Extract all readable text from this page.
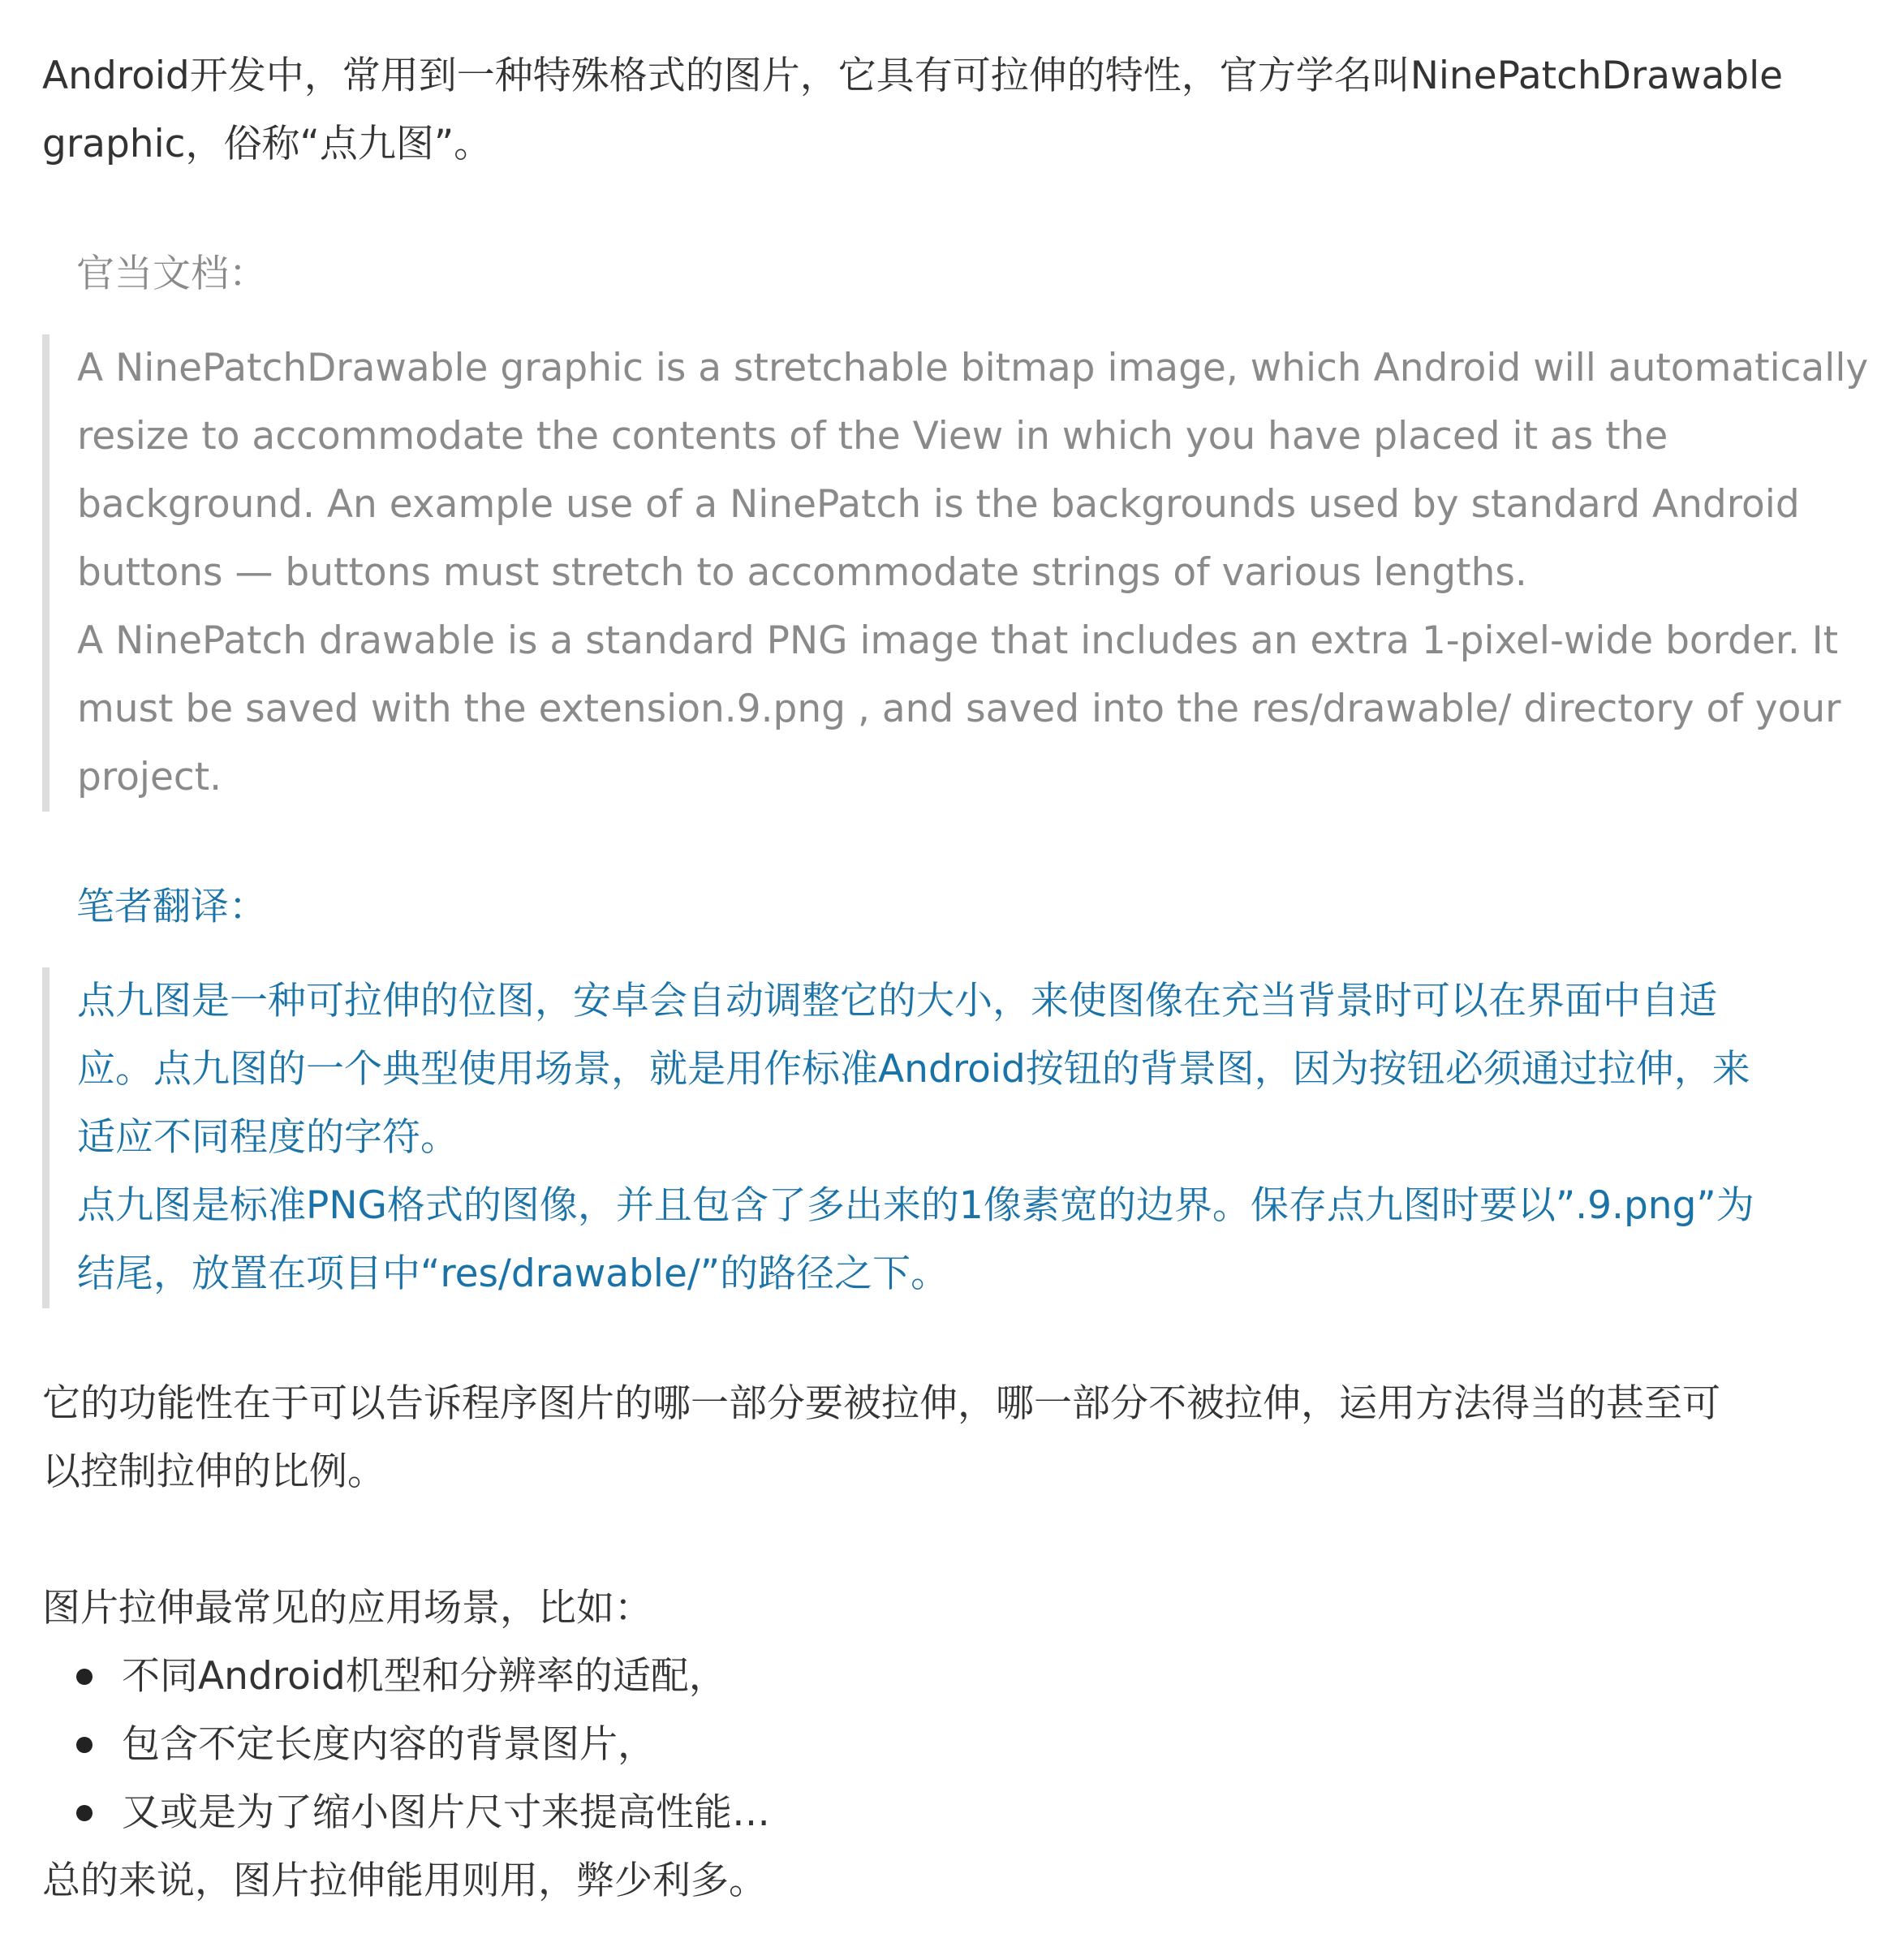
Android开发中，常用到一种特殊格式的图片，它具有可拉伸的特性，官方学名叫NinePatchDrawable
graphic，俗称“点九图”。

官当文档：

A NinePatchDrawable graphic is a stretchable bitmap image, which Android will automatically

resize to accommodate the contents of the View in which you have placed it as the

background. An example use of a NinePatch is the backgrounds used by standard Android

buttons — buttons must stretch to accommodate strings of various lengths.

A NinePatch drawable is a standard PNG image that includes an extra 1-pixel-wide border. It

must be saved with the extension.9.png , and saved into the res/drawable/ directory of your

project.

笔者翻译：

点九图是一种可拉伸的位图，安卓会自动调整它的大小，来使图像在充当背景时可以在界面中自适

应。点九图的一个典型使用场景，就是用作标准Android按钮的背景图，因为按钮必须通过拉伸，来

适应不同程度的字符。

点九图是标准PNG格式的图像，并且包含了多出来的1像素宽的边界。保存点九图时要以”.9.png”为

结尾，放置在项目中“res/drawable/”的路径之下。

它的功能性在于可以告诉程序图片的哪一部分要被拉伸，哪一部分不被拉伸，运用方法得当的甚至可
以控制拉伸的比例。

图片拉伸最常见的应用场景，比如：

不同Android机型和分辨率的适配，
包含不定长度内容的背景图片，
又或是为了缩小图片尺寸来提高性能…

总的来说，图片拉伸能用则用，弊少利多。
